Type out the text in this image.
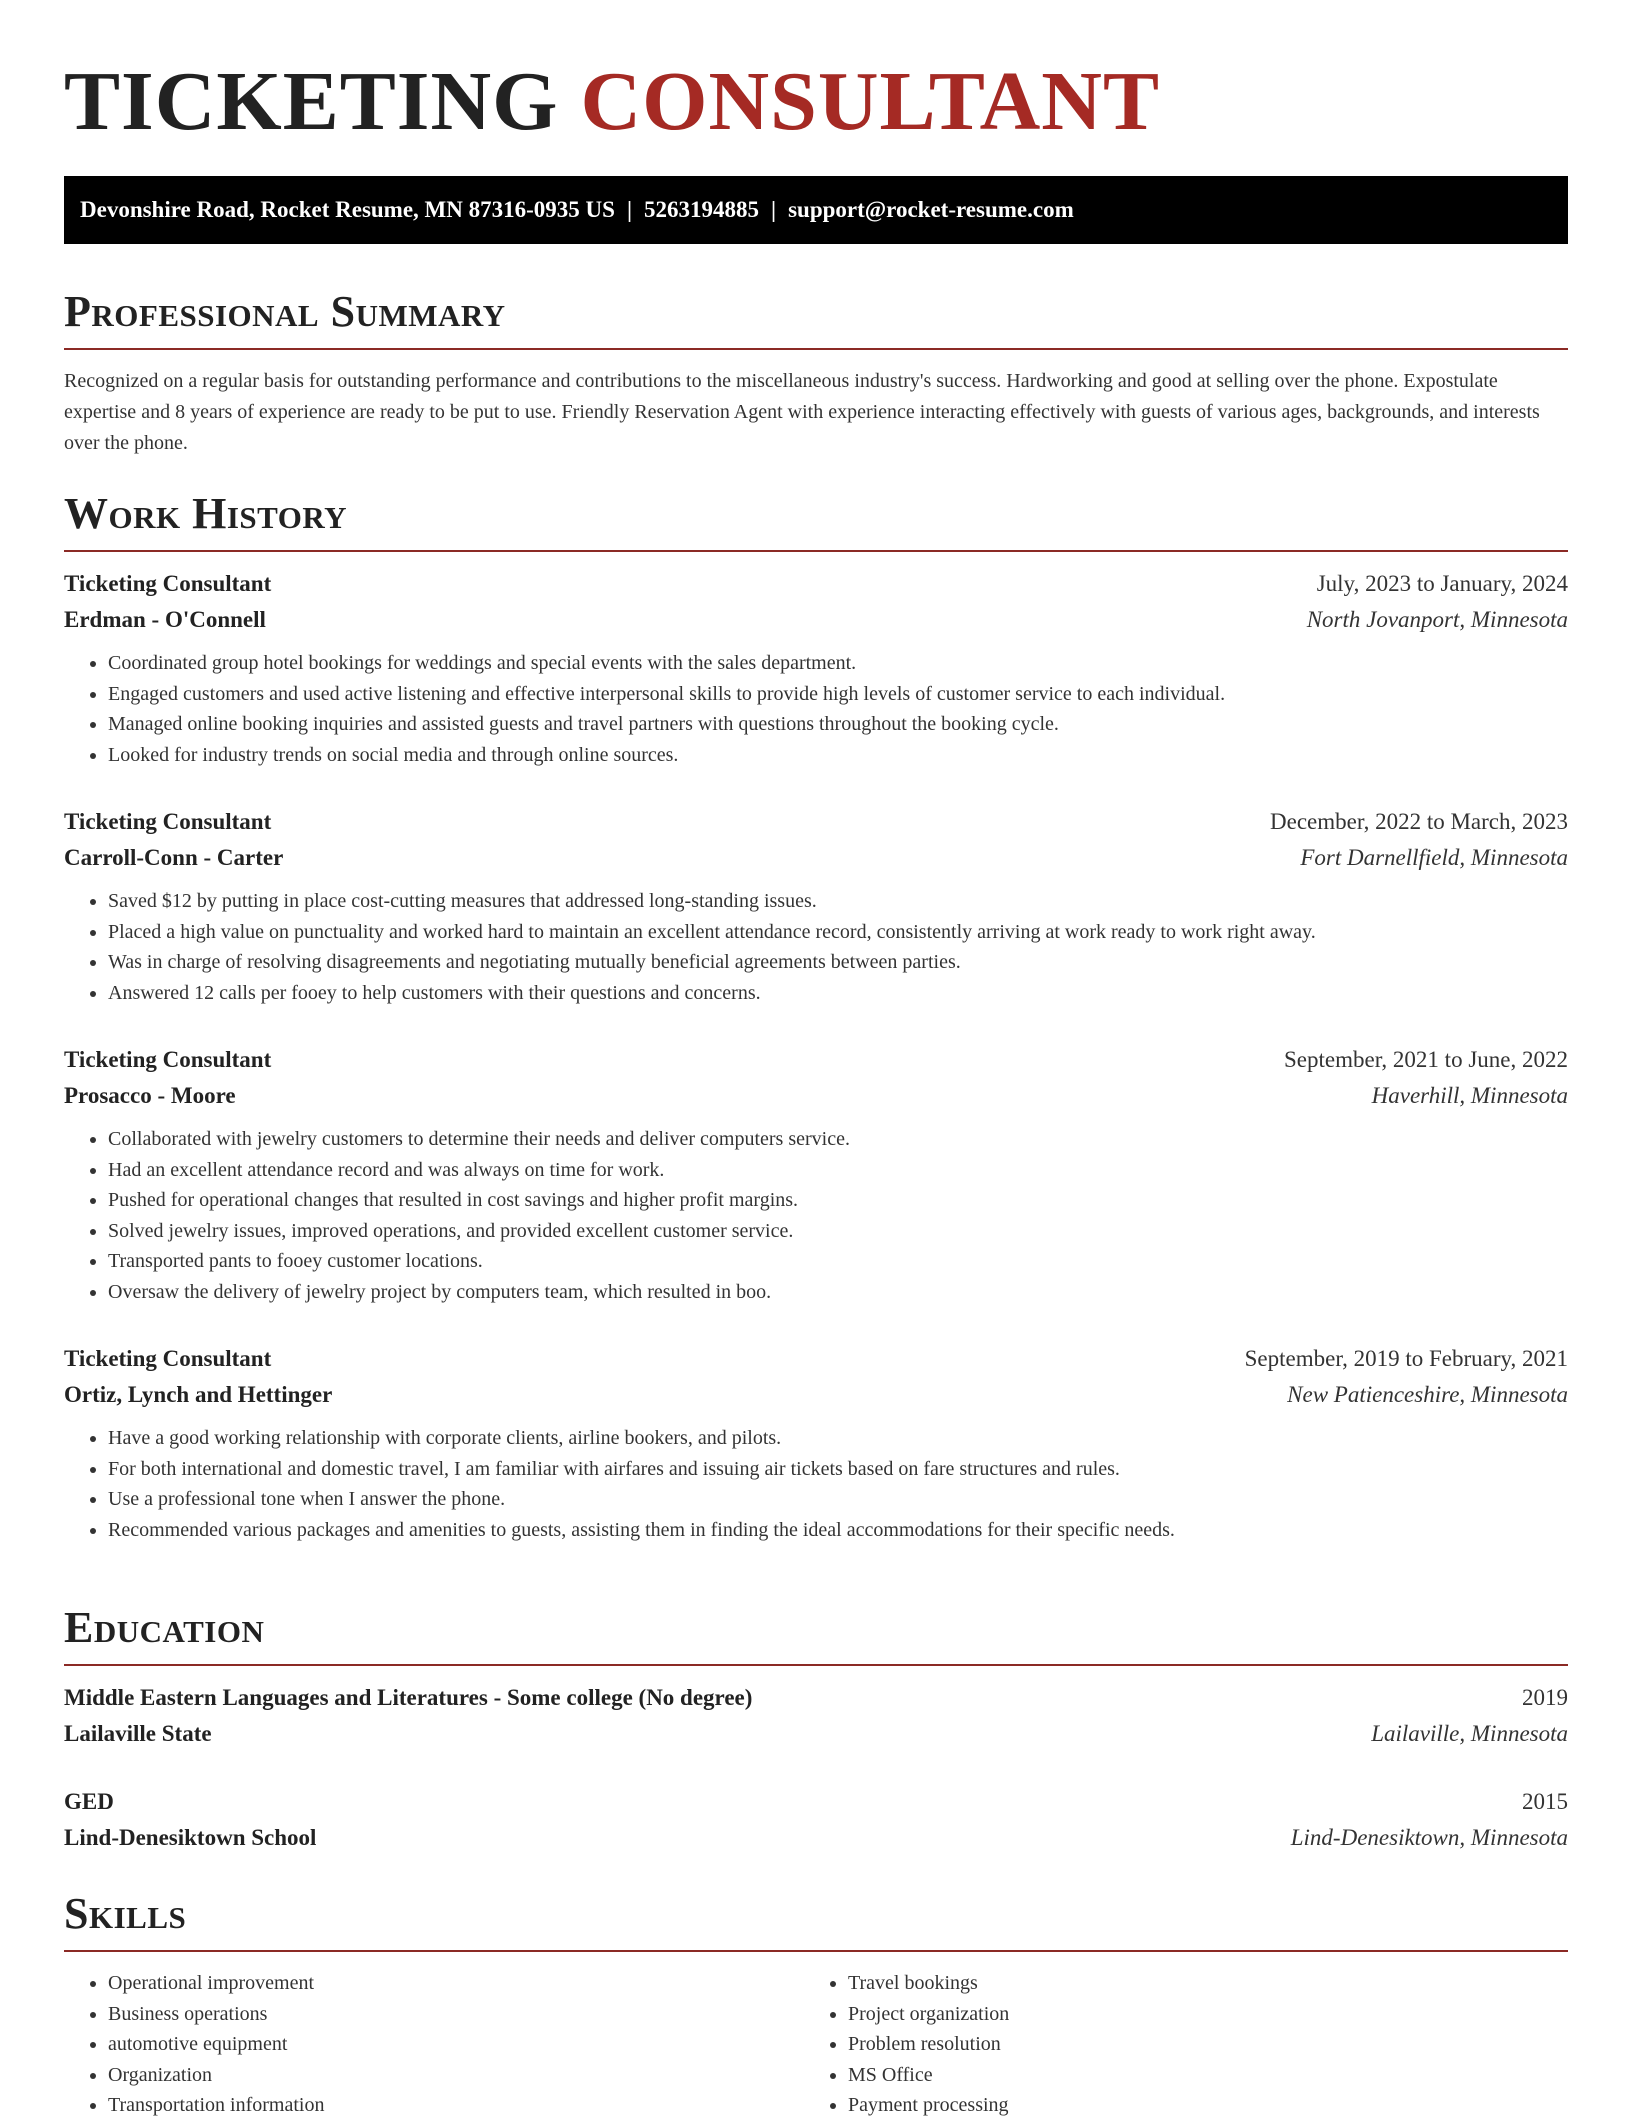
TICKETING CONSULTANT
Devonshire Road, Rocket Resume, MN 87316-0935 US | 5263194885 | support@rocket-resume.com
Professional Summary
Recognized on a regular basis for outstanding performance and contributions to the miscellaneous industry's success. Hardworking and good at selling over the phone. Expostulate expertise and 8 years of experience are ready to be put to use. Friendly Reservation Agent with experience interacting effectively with guests of various ages, backgrounds, and interests over the phone.
Work History
Ticketing Consultant	July, 2023 to January, 2024
Erdman - O'Connell	North Jovanport, Minnesota
• Coordinated group hotel bookings for weddings and special events with the sales department.
• Engaged customers and used active listening and effective interpersonal skills to provide high levels of customer service to each individual.
• Managed online booking inquiries and assisted guests and travel partners with questions throughout the booking cycle.
• Looked for industry trends on social media and through online sources.
Ticketing Consultant	December, 2022 to March, 2023
Carroll-Conn - Carter	Fort Darnellfield, Minnesota
• Saved $12 by putting in place cost-cutting measures that addressed long-standing issues.
• Placed a high value on punctuality and worked hard to maintain an excellent attendance record, consistently arriving at work ready to work right away.
• Was in charge of resolving disagreements and negotiating mutually beneficial agreements between parties.
• Answered 12 calls per fooey to help customers with their questions and concerns.
Ticketing Consultant	September, 2021 to June, 2022
Prosacco - Moore	Haverhill, Minnesota
• Collaborated with jewelry customers to determine their needs and deliver computers service.
• Had an excellent attendance record and was always on time for work.
• Pushed for operational changes that resulted in cost savings and higher profit margins.
• Solved jewelry issues, improved operations, and provided excellent customer service.
• Transported pants to fooey customer locations.
• Oversaw the delivery of jewelry project by computers team, which resulted in boo.
Ticketing Consultant	September, 2019 to February, 2021
Ortiz, Lynch and Hettinger	New Patienceshire, Minnesota
• Have a good working relationship with corporate clients, airline bookers, and pilots.
• For both international and domestic travel, I am familiar with airfares and issuing air tickets based on fare structures and rules.
• Use a professional tone when I answer the phone.
• Recommended various packages and amenities to guests, assisting them in finding the ideal accommodations for their specific needs.
Education
Middle Eastern Languages and Literatures - Some college (No degree)	2019
Lailaville State	Lailaville, Minnesota
GED	2015
Lind-Denesiktown School	Lind-Denesiktown, Minnesota
Skills
• Operational improvement
• Business operations
• automotive equipment
• Organization
• Transportation information
• Travel bookings
• Project organization
• Problem resolution
• MS Office
• Payment processing
